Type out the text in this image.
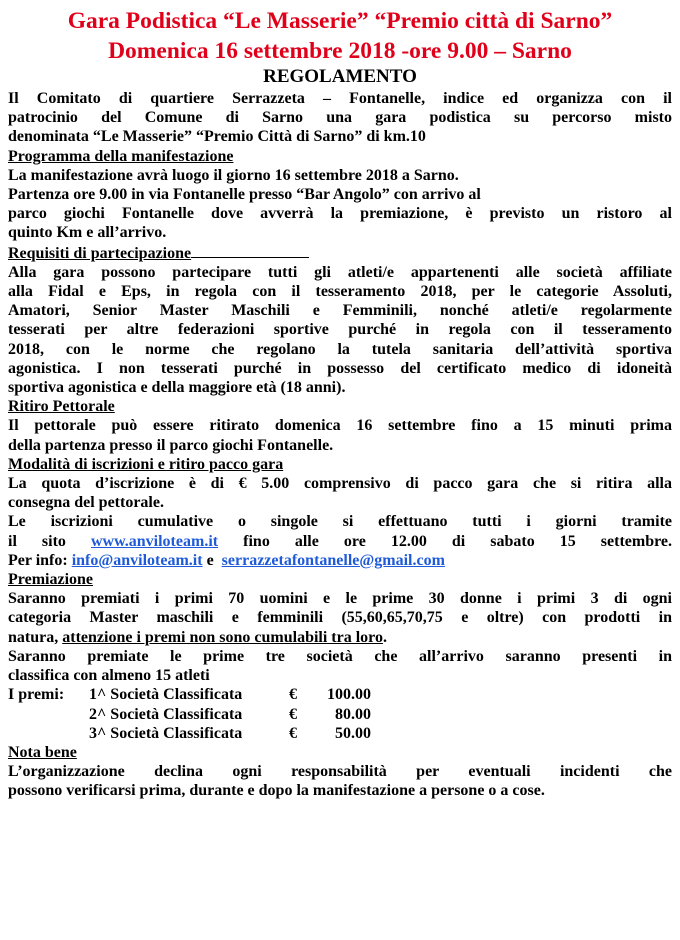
Gara Podistica “Le Masserie” “Premio città di Sarno”
Domenica 16 settembre 2018 -ore 9.00 – Sarno
REGOLAMENTO

Il Comitato di quartiere Serrazzeta – Fontanelle, indice ed organizza con il

patrocinio del Comune di Sarno una gara podistica su percorso misto

denominata “Le Masserie” “Premio Città di Sarno” di km.10

Programma della manifestazione

La manifestazione avrà luogo il giorno 16 settembre 2018 a Sarno.

Partenza ore 9.00 in via Fontanelle presso “Bar Angolo” con arrivo al

parco giochi Fontanelle dove avverrà la premiazione, è previsto un ristoro al

quinto Km e all’arrivo.

Requisiti di partecipazione

Alla gara possono partecipare tutti gli atleti/e appartenenti alle società affiliate

alla Fidal e Eps, in regola con il tesseramento 2018, per le categorie Assoluti,

Amatori, Senior Master Maschili e Femminili, nonché atleti/e regolarmente

tesserati per altre federazioni sportive purché in regola con il tesseramento

2018, con le norme che regolano la tutela sanitaria dell’attività sportiva

agonistica. I non tesserati purché in possesso del certificato medico di idoneità

sportiva agonistica e della maggiore età (18 anni).

Ritiro Pettorale

Il pettorale può essere ritirato domenica 16 settembre fino a 15 minuti prima

della partenza presso il parco giochi Fontanelle.

Modalità di iscrizioni e ritiro pacco gara

La quota d’iscrizione è di € 5.00 comprensivo di pacco gara che si ritira alla

consegna del pettorale.

Le iscrizioni cumulative o singole si effettuano tutti i giorni tramite

il sito www.anviloteam.it fino alle ore 12.00 di sabato 15 settembre.

Per info: info@anviloteam.it e serrazzetafontanelle@gmail.com

Premiazione

Saranno premiati i primi 70 uomini e le prime 30 donne i primi 3 di ogni

categoria Master maschili e femminili (55,60,65,70,75 e oltre) con prodotti in

natura, attenzione i premi non sono cumulabili tra loro.

Saranno premiate le prime tre società che all’arrivo saranno presenti in

classifica con almeno 15 atleti

I premi:	1^ Società Classificata	€	100.00
2^ Società Classificata	€	80.00
3^ Società Classificata	€	50.00
Nota bene

L’organizzazione declina ogni responsabilità per eventuali incidenti che

possono verificarsi prima, durante e dopo la manifestazione a persone o a cose.
